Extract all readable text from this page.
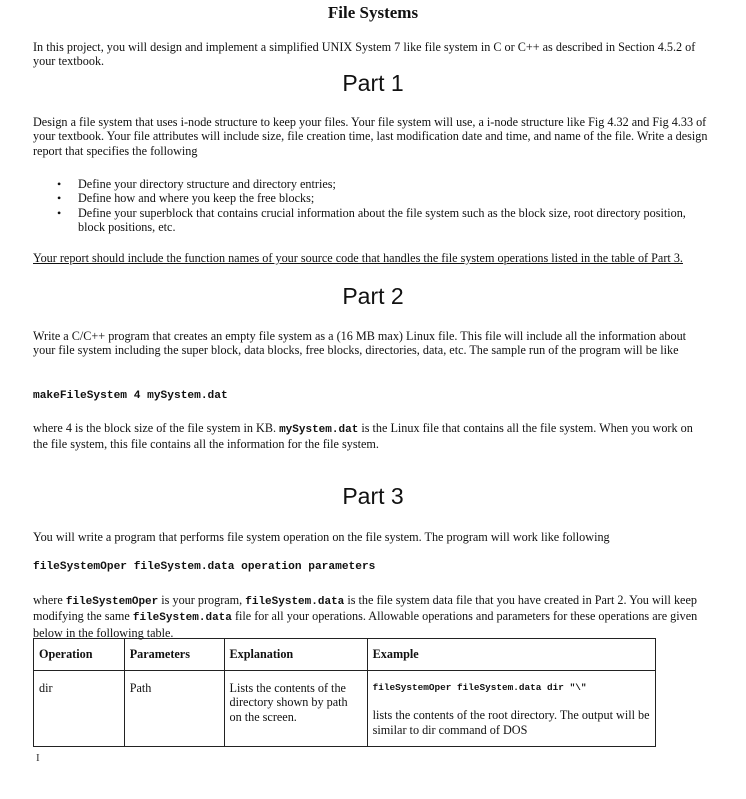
File Systems
In this project, you will design and implement a simplified UNIX System 7 like file system in C or C++ as described in Section 4.5.2 of your textbook.
Part 1
Design a file system that uses i-node structure to keep your files. Your file system will use, a i-node structure like Fig 4.32 and Fig 4.33 of your textbook. Your file attributes will include size, file creation time, last modification date and time, and name of the file. Write a design report that specifies the following
• Define your directory structure and directory entries;
• Define how and where you keep the free blocks;
• Define your superblock that contains crucial information about the file system such as the block size, root directory position, block positions, etc.
Your report should include the function names of your source code that handles the file system operations listed in the table of Part 3.
Part 2
Write a C/C++ program that creates an empty file system as a (16 MB max) Linux file. This file will include all the information about your file system including the super block, data blocks, free blocks, directories, data, etc. The sample run of the program will be like
makeFileSystem 4 mySystem.dat
where 4 is the block size of the file system in KB. mySystem.dat is the Linux file that contains all the file system. When you work on the file system, this file contains all the information for the file system.
Part 3
You will write a program that performs file system operation on the file system. The program will work like following
fileSystemOper fileSystem.data operation parameters
where fileSystemOper is your program, fileSystem.data is the file system data file that you have created in Part 2. You will keep modifying the same fileSystem.data file for all your operations. Allowable operations and parameters for these operations are given below in the following table.
Operation	Parameters	Explanation	Example
dir	Path	Lists the contents of the directory shown by path on the screen.	fileSystemOper fileSystem.data dir "\"
lists the contents of the root directory. The output will be similar to dir command of DOS
I
